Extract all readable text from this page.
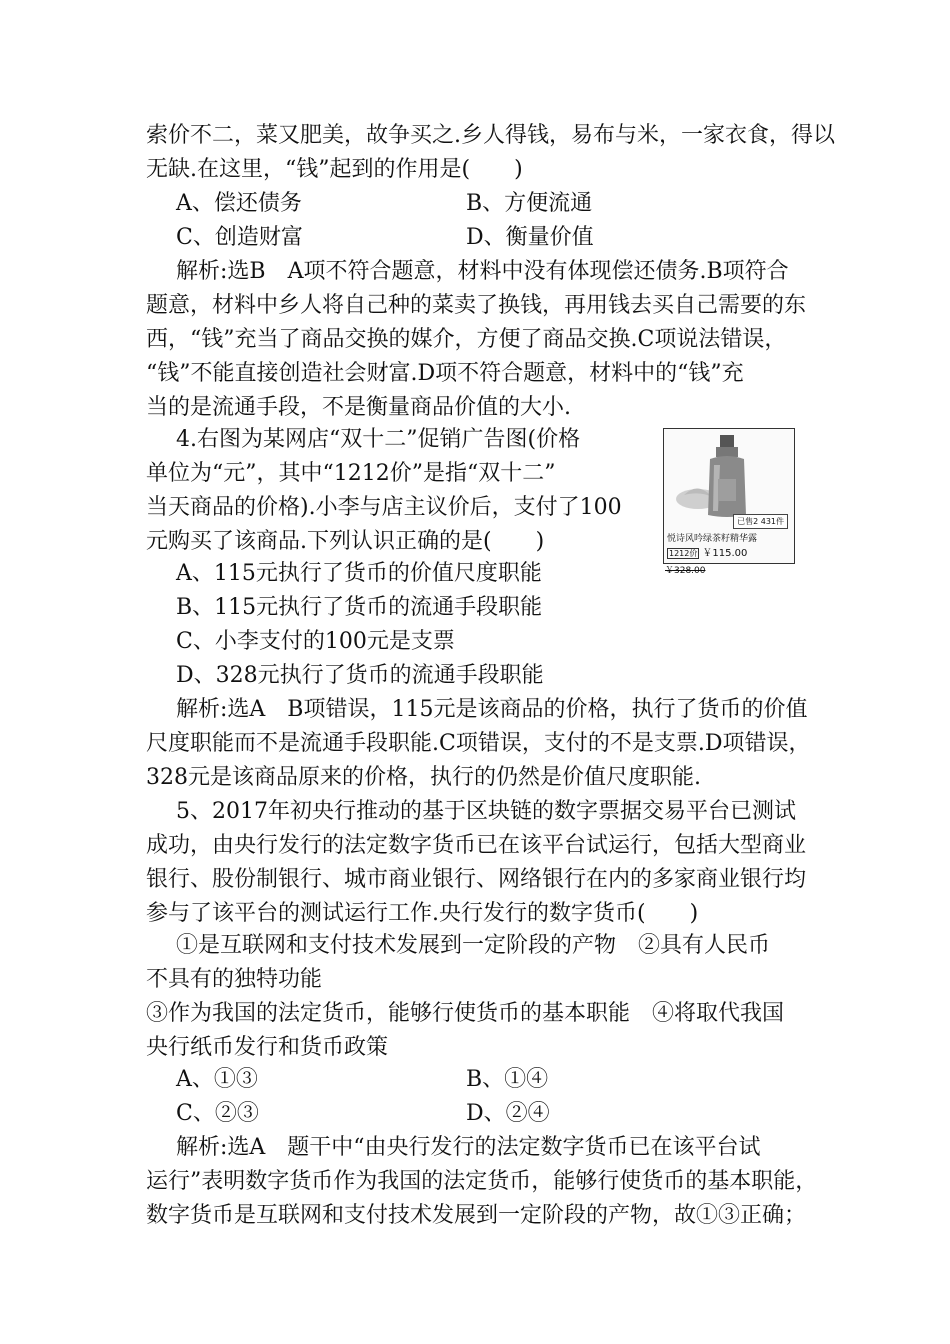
索价不二，菜又肥美，故争买之.乡人得钱，易布与米，一家衣食，得以
无缺.在这里，“钱”起到的作用是(　　)
A、偿还债务	B、方便流通
C、创造财富	D、衡量价值
解析:选B　A项不符合题意，材料中没有体现偿还债务.B项符合
题意，材料中乡人将自己种的菜卖了换钱，再用钱去买自己需要的东
西，“钱”充当了商品交换的媒介，方便了商品交换.C项说法错误，
“钱”不能直接创造社会财富.D项不符合题意，材料中的“钱”充
当的是流通手段，不是衡量商品价值的大小.
4.右图为某网店“双十二”促销广告图(价格
单位为“元”，其中“1212价”是指“双十二”
当天商品的价格).小李与店主议价后，支付了100
元购买了该商品.下列认识正确的是(　　)
已售2 431件
悦诗风吟绿茶籽精华露
1212价 ￥115.00
￥328.00
A、115元执行了货币的价值尺度职能
B、115元执行了货币的流通手段职能
C、小李支付的100元是支票
D、328元执行了货币的流通手段职能
解析:选A　B项错误，115元是该商品的价格，执行了货币的价值
尺度职能而不是流通手段职能.C项错误，支付的不是支票.D项错误，
328元是该商品原来的价格，执行的仍然是价值尺度职能.
5、2017年初央行推动的基于区块链的数字票据交易平台已测试
成功，由央行发行的法定数字货币已在该平台试运行，包括大型商业
银行、股份制银行、城市商业银行、网络银行在内的多家商业银行均
参与了该平台的测试运行工作.央行发行的数字货币(　　)
①是互联网和支付技术发展到一定阶段的产物　②具有人民币
不具有的独特功能
③作为我国的法定货币，能够行使货币的基本职能　④将取代我国
央行纸币发行和货币政策
A、①③	B、①④
C、②③	D、②④
解析:选A　题干中“由央行发行的法定数字货币已在该平台试
运行”表明数字货币作为我国的法定货币，能够行使货币的基本职能，
数字货币是互联网和支付技术发展到一定阶段的产物，故①③正确；
